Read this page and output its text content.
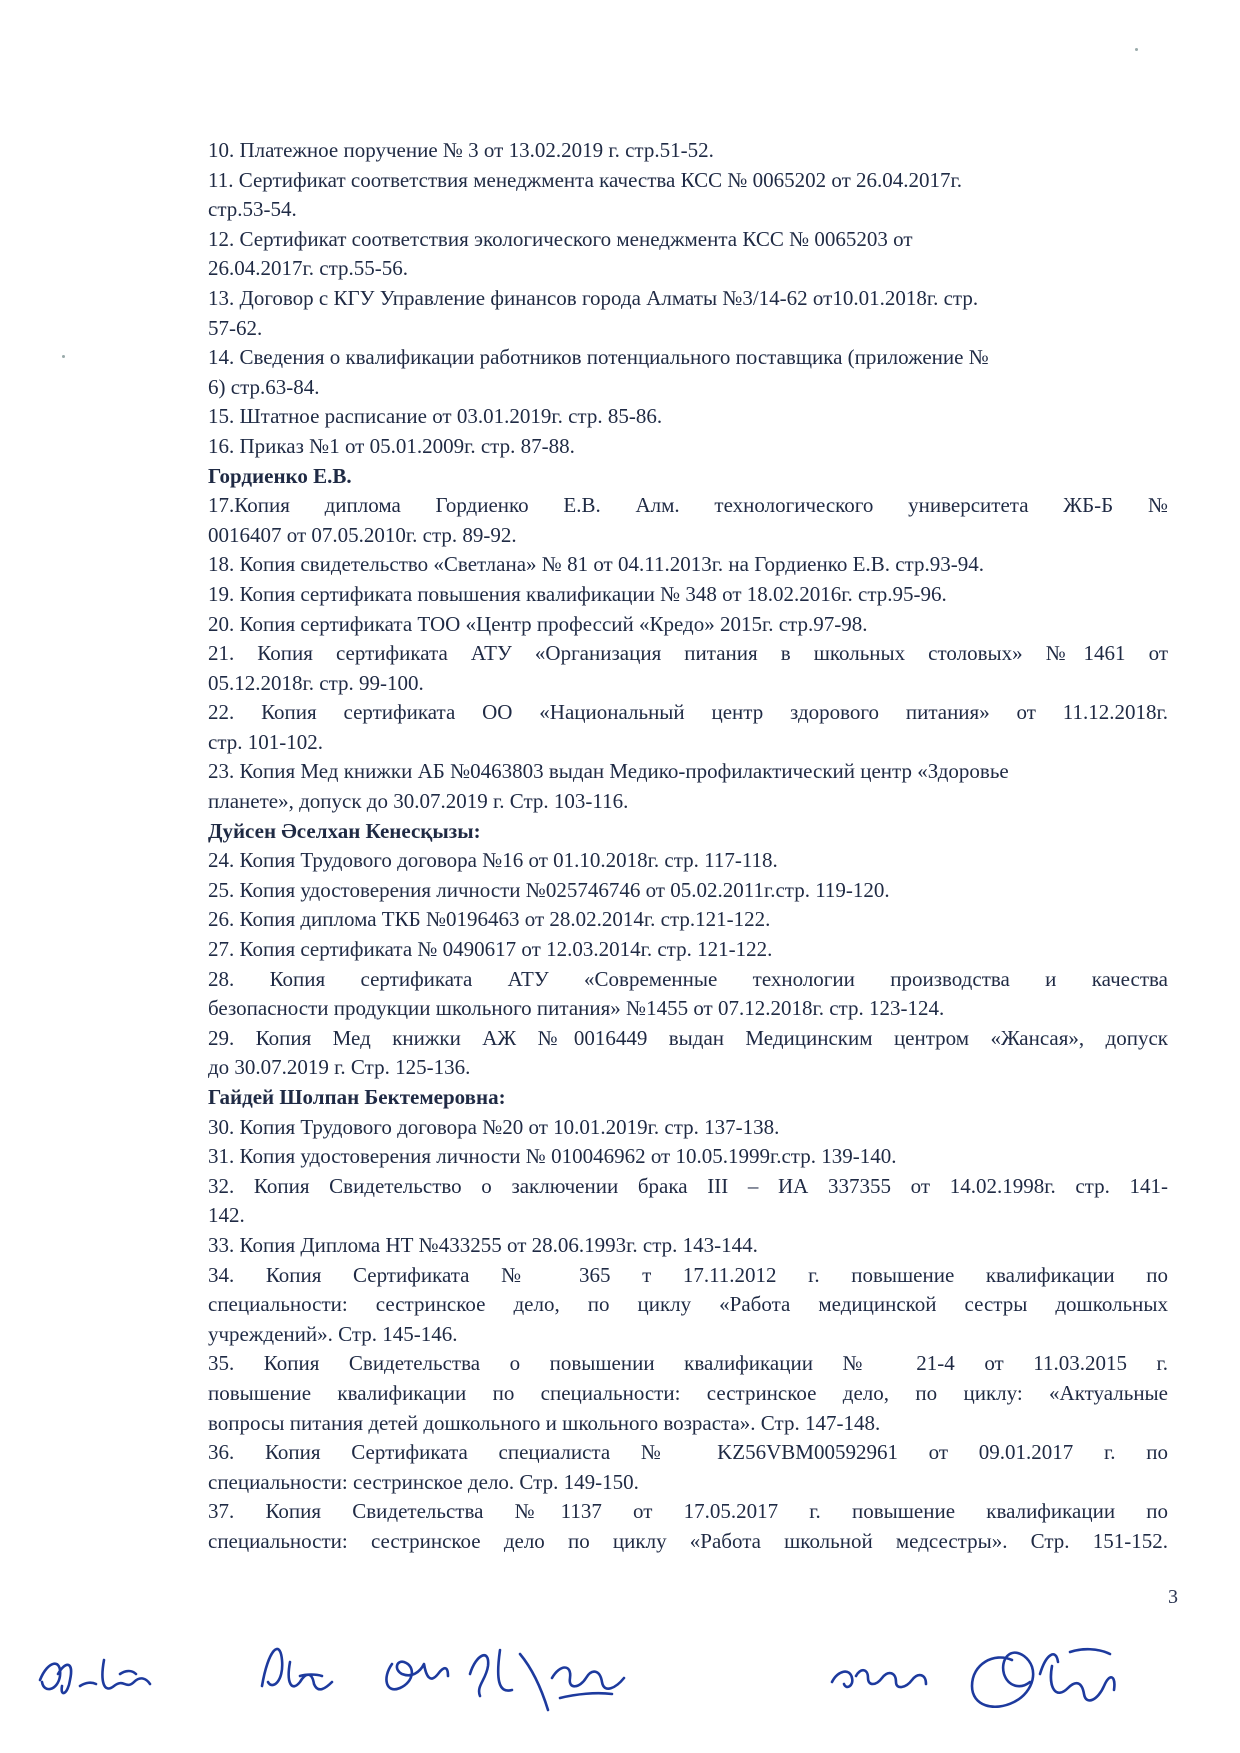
10. Платежное поручение № 3 от 13.02.2019 г. стр.51-52.
11. Сертификат соответствия менеджмента качества КСС № 0065202 от 26.04.2017г.
стр.53-54.
12. Сертификат соответствия экологического менеджмента КСС № 0065203 от
26.04.2017г. стр.55-56.
13. Договор с КГУ Управление финансов города Алматы №3/14-62 от10.01.2018г. стр.
57-62.
14. Сведения о квалификации работников потенциального поставщика (приложение №
6) стр.63-84.
15. Штатное расписание от 03.01.2019г. стр. 85-86.
16. Приказ №1 от 05.01.2009г. стр. 87-88.
Гордиенко Е.В.
17.Копия диплома Гордиенко Е.В. Алм. технологического университета ЖБ-Б №
0016407 от 07.05.2010г. стр. 89-92.
18. Копия свидетельство «Светлана» № 81 от 04.11.2013г. на Гордиенко Е.В. стр.93-94.
19. Копия сертификата повышения квалификации № 348 от 18.02.2016г. стр.95-96.
20. Копия сертификата ТОО «Центр профессий «Кредо» 2015г. стр.97-98.
21. Копия сертификата АТУ «Организация питания в школьных столовых» №1461 от
05.12.2018г. стр. 99-100.
22. Копия сертификата ОО «Национальный центр здорового питания» от 11.12.2018г.
стр. 101-102.
23. Копия Мед книжки АБ №0463803 выдан Медико-профилактический центр «Здоровье
планете», допуск до 30.07.2019 г. Стр. 103-116.
Дуйсен Әселхан Кенесқызы:
24. Копия Трудового договора №16 от 01.10.2018г. стр. 117-118.
25. Копия удостоверения личности №025746746 от 05.02.2011г.стр. 119-120.
26. Копия диплома ТКБ №0196463 от 28.02.2014г. стр.121-122.
27. Копия сертификата № 0490617 от 12.03.2014г. стр. 121-122.
28. Копия сертификата АТУ «Современные технологии производства и качества
безопасности продукции школьного питания» №1455 от 07.12.2018г. стр. 123-124.
29. Копия Мед книжки АЖ №0016449 выдан Медицинским центром «Жансая», допуск
до 30.07.2019 г. Стр. 125-136.
Гайдей Шолпан Бектемеровна:
30. Копия Трудового договора №20 от 10.01.2019г. стр. 137-138.
31. Копия удостоверения личности № 010046962 от 10.05.1999г.стр. 139-140.
32. Копия Свидетельство о заключении брака III – ИА 337355 от 14.02.1998г. стр. 141-
142.
33. Копия Диплома НТ №433255 от 28.06.1993г. стр. 143-144.
34. Копия Сертификата № 365 т 17.11.2012 г. повышение квалификации по
специальности: сестринское дело, по циклу «Работа медицинской сестры дошкольных
учреждений». Стр. 145-146.
35. Копия Свидетельства о повышении квалификации № 21-4 от 11.03.2015 г.
повышение квалификации по специальности: сестринское дело, по циклу: «Актуальные
вопросы питания детей дошкольного и школьного возраста». Стр. 147-148.
36. Копия Сертификата специалиста № KZ56VBM00592961 от 09.01.2017 г. по
специальности: сестринское дело. Стр. 149-150.
37. Копия Свидетельства №1137 от 17.05.2017 г. повышение квалификации по
специальности: сестринское дело по циклу «Работа школьной медсестры». Стр. 151-152.
3
